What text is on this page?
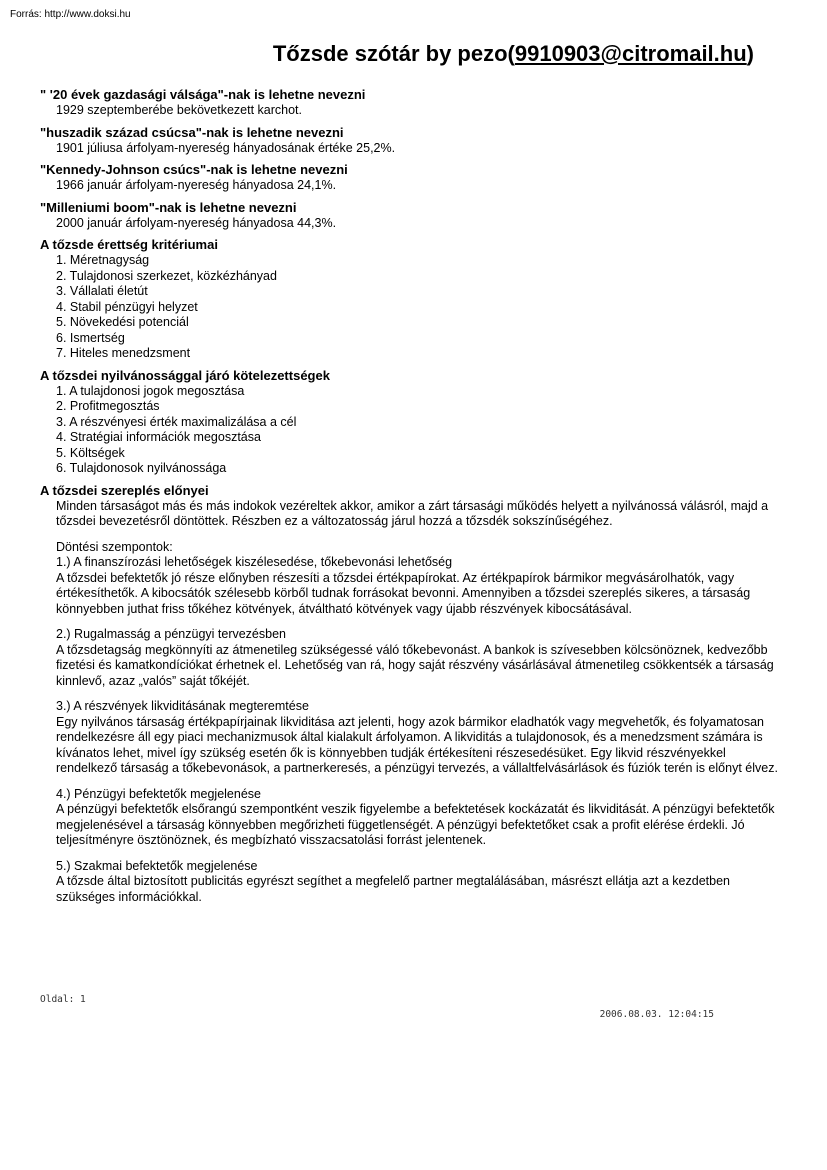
Forrás: http://www.doksi.hu
Tőzsde szótár by pezo(9910903@citromail.hu)
" '20 évek gazdasági válsága"-nak is lehetne nevezni
1929 szeptemberébe bekövetkezett karchot.
"huszadik század csúcsa"-nak is lehetne nevezni
1901 júliusa árfolyam-nyereség hányadosának értéke 25,2%.
"Kennedy-Johnson csúcs"-nak is lehetne nevezni
1966 január árfolyam-nyereség hányadosa 24,1%.
"Milleniumi boom"-nak is lehetne nevezni
2000 január árfolyam-nyereség hányadosa 44,3%.
A tőzsde érettség kritériumai
1. Méretnagyság
2. Tulajdonosi szerkezet, közkézhányad
3. Vállalati életút
4. Stabil pénzügyi helyzet
5. Növekedési potenciál
6. Ismertség
7. Hiteles menedzsment
A tőzsdei nyilvánossággal járó kötelezettségek
1. A tulajdonosi jogok megosztása
2. Profitmegosztás
3. A részvényesi érték maximalizálása a cél
4. Stratégiai információk megosztása
5. Költségek
6. Tulajdonosok nyilvánossága
A tőzsdei szereplés előnyei

Minden társaságot más és más indokok vezéreltek akkor, amikor a zárt társasági működés helyett a nyilvánossá válásról, majd a tőzsdei bevezetésről döntöttek. Részben ez a változatosság járul hozzá a tőzsdék sokszínűségéhez.

Döntési szempontok:
1.) A finanszírozási lehetőségek kiszélesedése, tőkebevonási lehetőség
A tőzsdei befektetők jó része előnyben részesíti a tőzsdei értékpapírokat. Az értékpapírok bármikor megvásárolhatók, vagy értékesíthetők. A kibocsátók szélesebb körből tudnak forrásokat bevonni. Amennyiben a tőzsdei szereplés sikeres, a társaság könnyebben juthat friss tőkéhez kötvények, átváltható kötvények vagy újabb részvények kibocsátásával.

2.) Rugalmasság a pénzügyi tervezésben
A tőzsdetagság megkönnyíti az átmenetileg szükségessé váló tőkebevonást. A bankok is szívesebben kölcsönöznek, kedvezőbb fizetési és kamatkondíciókat érhetnek el. Lehetőség van rá, hogy saját részvény vásárlásával átmenetileg csökkentsék a társaság kinnlevő, azaz „valós” saját tőkéjét.

3.) A részvények likviditásának megteremtése
Egy nyilvános társaság értékpapírjainak likviditása azt jelenti, hogy azok bármikor eladhatók vagy megvehetők, és folyamatosan rendelkezésre áll egy piaci mechanizmusok által kialakult árfolyamon. A likviditás a tulajdonosok, és a menedzsment számára is kívánatos lehet, mivel így szükség esetén ők is könnyebben tudják értékesíteni részesedésüket. Egy likvid részvényekkel rendelkező társaság a tőkebevonások, a partnerkeresés, a pénzügyi tervezés, a vállaltfelvásárlások és fúziók terén is előnyt élvez.

4.) Pénzügyi befektetők megjelenése
A pénzügyi befektetők elsőrangú szempontként veszik figyelembe a befektetések kockázatát és likviditását. A pénzügyi befektetők megjelenésével a társaság könnyebben megőrizheti függetlenségét. A pénzügyi befektetőket csak a profit elérése érdekli. Jó teljesítményre ösztönöznek, és megbízható visszacsatolási forrást jelentenek.

5.) Szakmai befektetők megjelenése
A tőzsde által biztosított publicitás egyrészt segíthet a megfelelő partner megtalálásában, másrészt ellátja azt a kezdetben szükséges információkkal.

Oldal: 1
2006.08.03. 12:04:15
